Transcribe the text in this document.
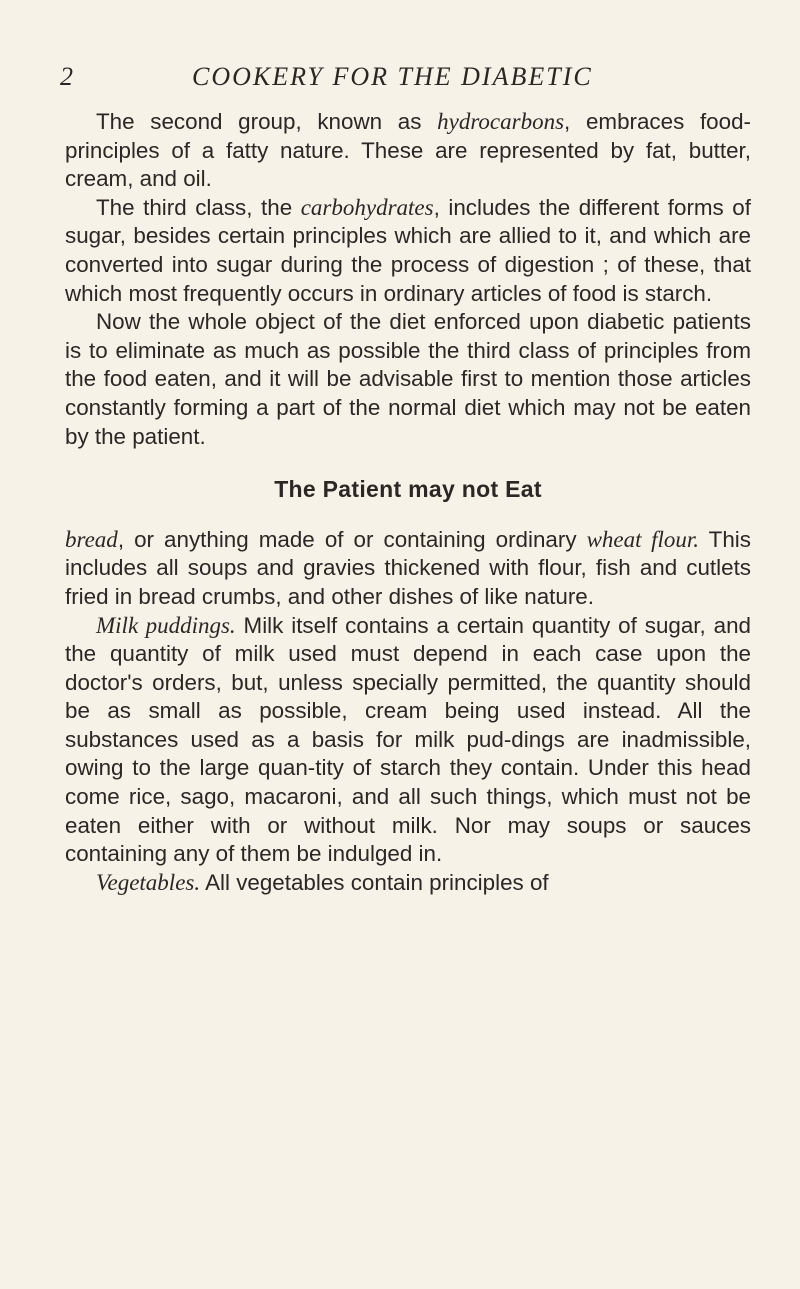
2	COOKERY FOR THE DIABETIC

The second group, known as hydrocarbons, embraces food-principles of a fatty nature. These are represented by fat, butter, cream, and oil.

The third class, the carbohydrates, includes the different forms of sugar, besides certain principles which are allied to it, and which are converted into sugar during the process of digestion ; of these, that which most frequently occurs in ordinary articles of food is starch.

Now the whole object of the diet enforced upon diabetic patients is to eliminate as much as possible the third class of principles from the food eaten, and it will be advisable first to mention those articles constantly forming a part of the normal diet which may not be eaten by the patient.

The Patient may not Eat

bread, or anything made of or containing ordinary wheat flour. This includes all soups and gravies thickened with flour, fish and cutlets fried in bread crumbs, and other dishes of like nature.

Milk puddings. Milk itself contains a certain quantity of sugar, and the quantity of milk used must depend in each case upon the doctor's orders, but, unless specially permitted, the quantity should be as small as possible, cream being used instead. All the substances used as a basis for milk pud-dings are inadmissible, owing to the large quan-tity of starch they contain. Under this head come rice, sago, macaroni, and all such things, which must not be eaten either with or without milk. Nor may soups or sauces containing any of them be indulged in.

Vegetables. All vegetables contain principles of
